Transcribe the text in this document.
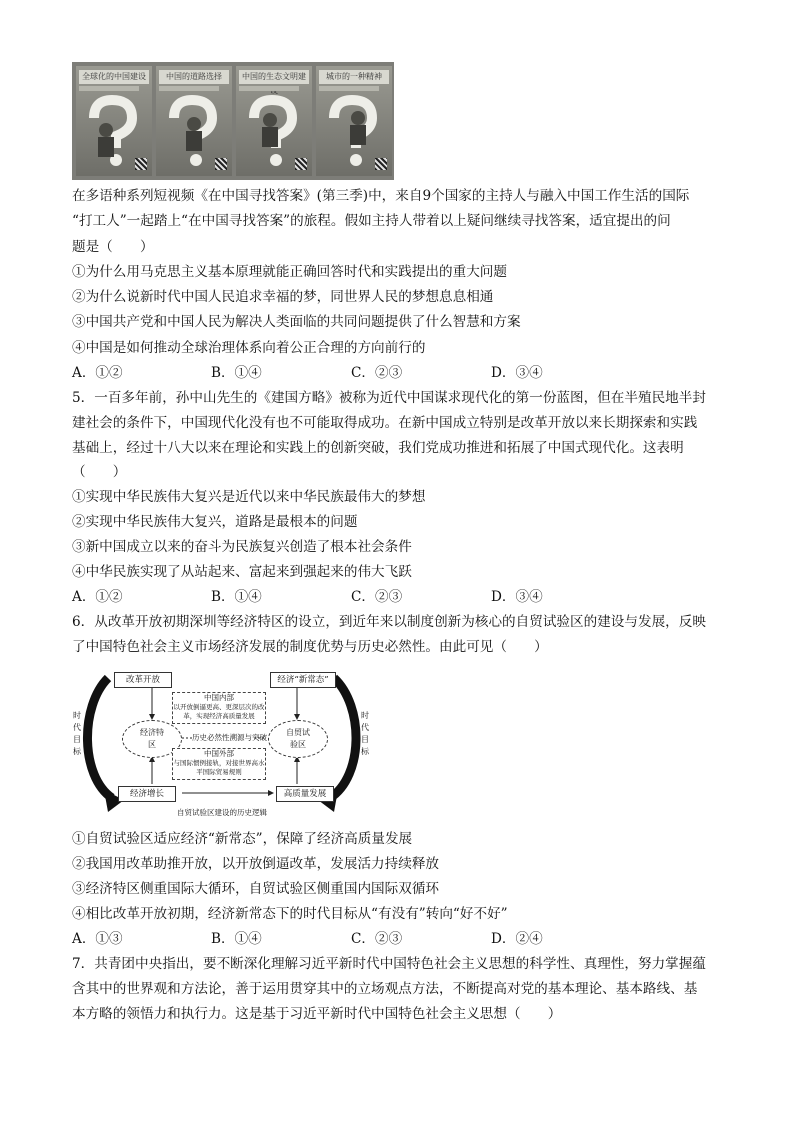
全球化的中国建设	中国的道路选择	中国的生态文明建	城市的一种精神
在多语种系列短视频《在中国寻找答案》(第三季)中，来自9个国家的主持人与融入中国工作生活的国际
“打工人”一起踏上“在中国寻找答案”的旅程。假如主持人带着以上疑问继续寻找答案，适宜提出的问
题是（　　）
①为什么用马克思主义基本原理就能正确回答时代和实践提出的重大问题
②为什么说新时代中国人民追求幸福的梦，同世界人民的梦想息息相通
③中国共产党和中国人民为解决人类面临的共同问题提供了什么智慧和方案
④中国是如何推动全球治理体系向着公正合理的方向前行的
A．①②	B．①④	C．②③	D．③④
5．一百多年前，孙中山先生的《建国方略》被称为近代中国谋求现代化的第一份蓝图，但在半殖民地半封
建社会的条件下，中国现代化没有也不可能取得成功。在新中国成立特别是改革开放以来长期探索和实践
基础上，经过十八大以来在理论和实践上的创新突破，我们党成功推进和拓展了中国式现代化。这表明
（　　）
①实现中华民族伟大复兴是近代以来中华民族最伟大的梦想
②实现中华民族伟大复兴，道路是最根本的问题
③新中国成立以来的奋斗为民族复兴创造了根本社会条件
④中华民族实现了从站起来、富起来到强起来的伟大飞跃
A．①②	B．①④	C．②③	D．③④
6．从改革开放初期深圳等经济特区的设立，到近年来以制度创新为核心的自贸试验区的建设与发展，反映
了中国特色社会主义市场经济发展的制度优势与历史必然性。由此可见（　　）
改革开放	经济“新常态”
经济增长	高质量发展
经济特区
自贸试验区
中国内部
以开放倒逼更高、更深层次的改
革，实现经济高质量发展
历史必然性溯源与突破
中国外部
与国际惯例接轨，对接世界高水
平国际贸易规则
时代目标
时代目标
自贸试验区建设的历史逻辑
①自贸试验区适应经济“新常态”，保障了经济高质量发展
②我国用改革助推开放，以开放倒逼改革，发展活力持续释放
③经济特区侧重国际大循环，自贸试验区侧重国内国际双循环
④相比改革开放初期，经济新常态下的时代目标从“有没有”转向“好不好”
A．①③	B．①④	C．②③	D．②④
7．共青团中央指出，要不断深化理解习近平新时代中国特色社会主义思想的科学性、真理性，努力掌握蕴
含其中的世界观和方法论，善于运用贯穿其中的立场观点方法，不断提高对党的基本理论、基本路线、基
本方略的领悟力和执行力。这是基于习近平新时代中国特色社会主义思想（　　）
